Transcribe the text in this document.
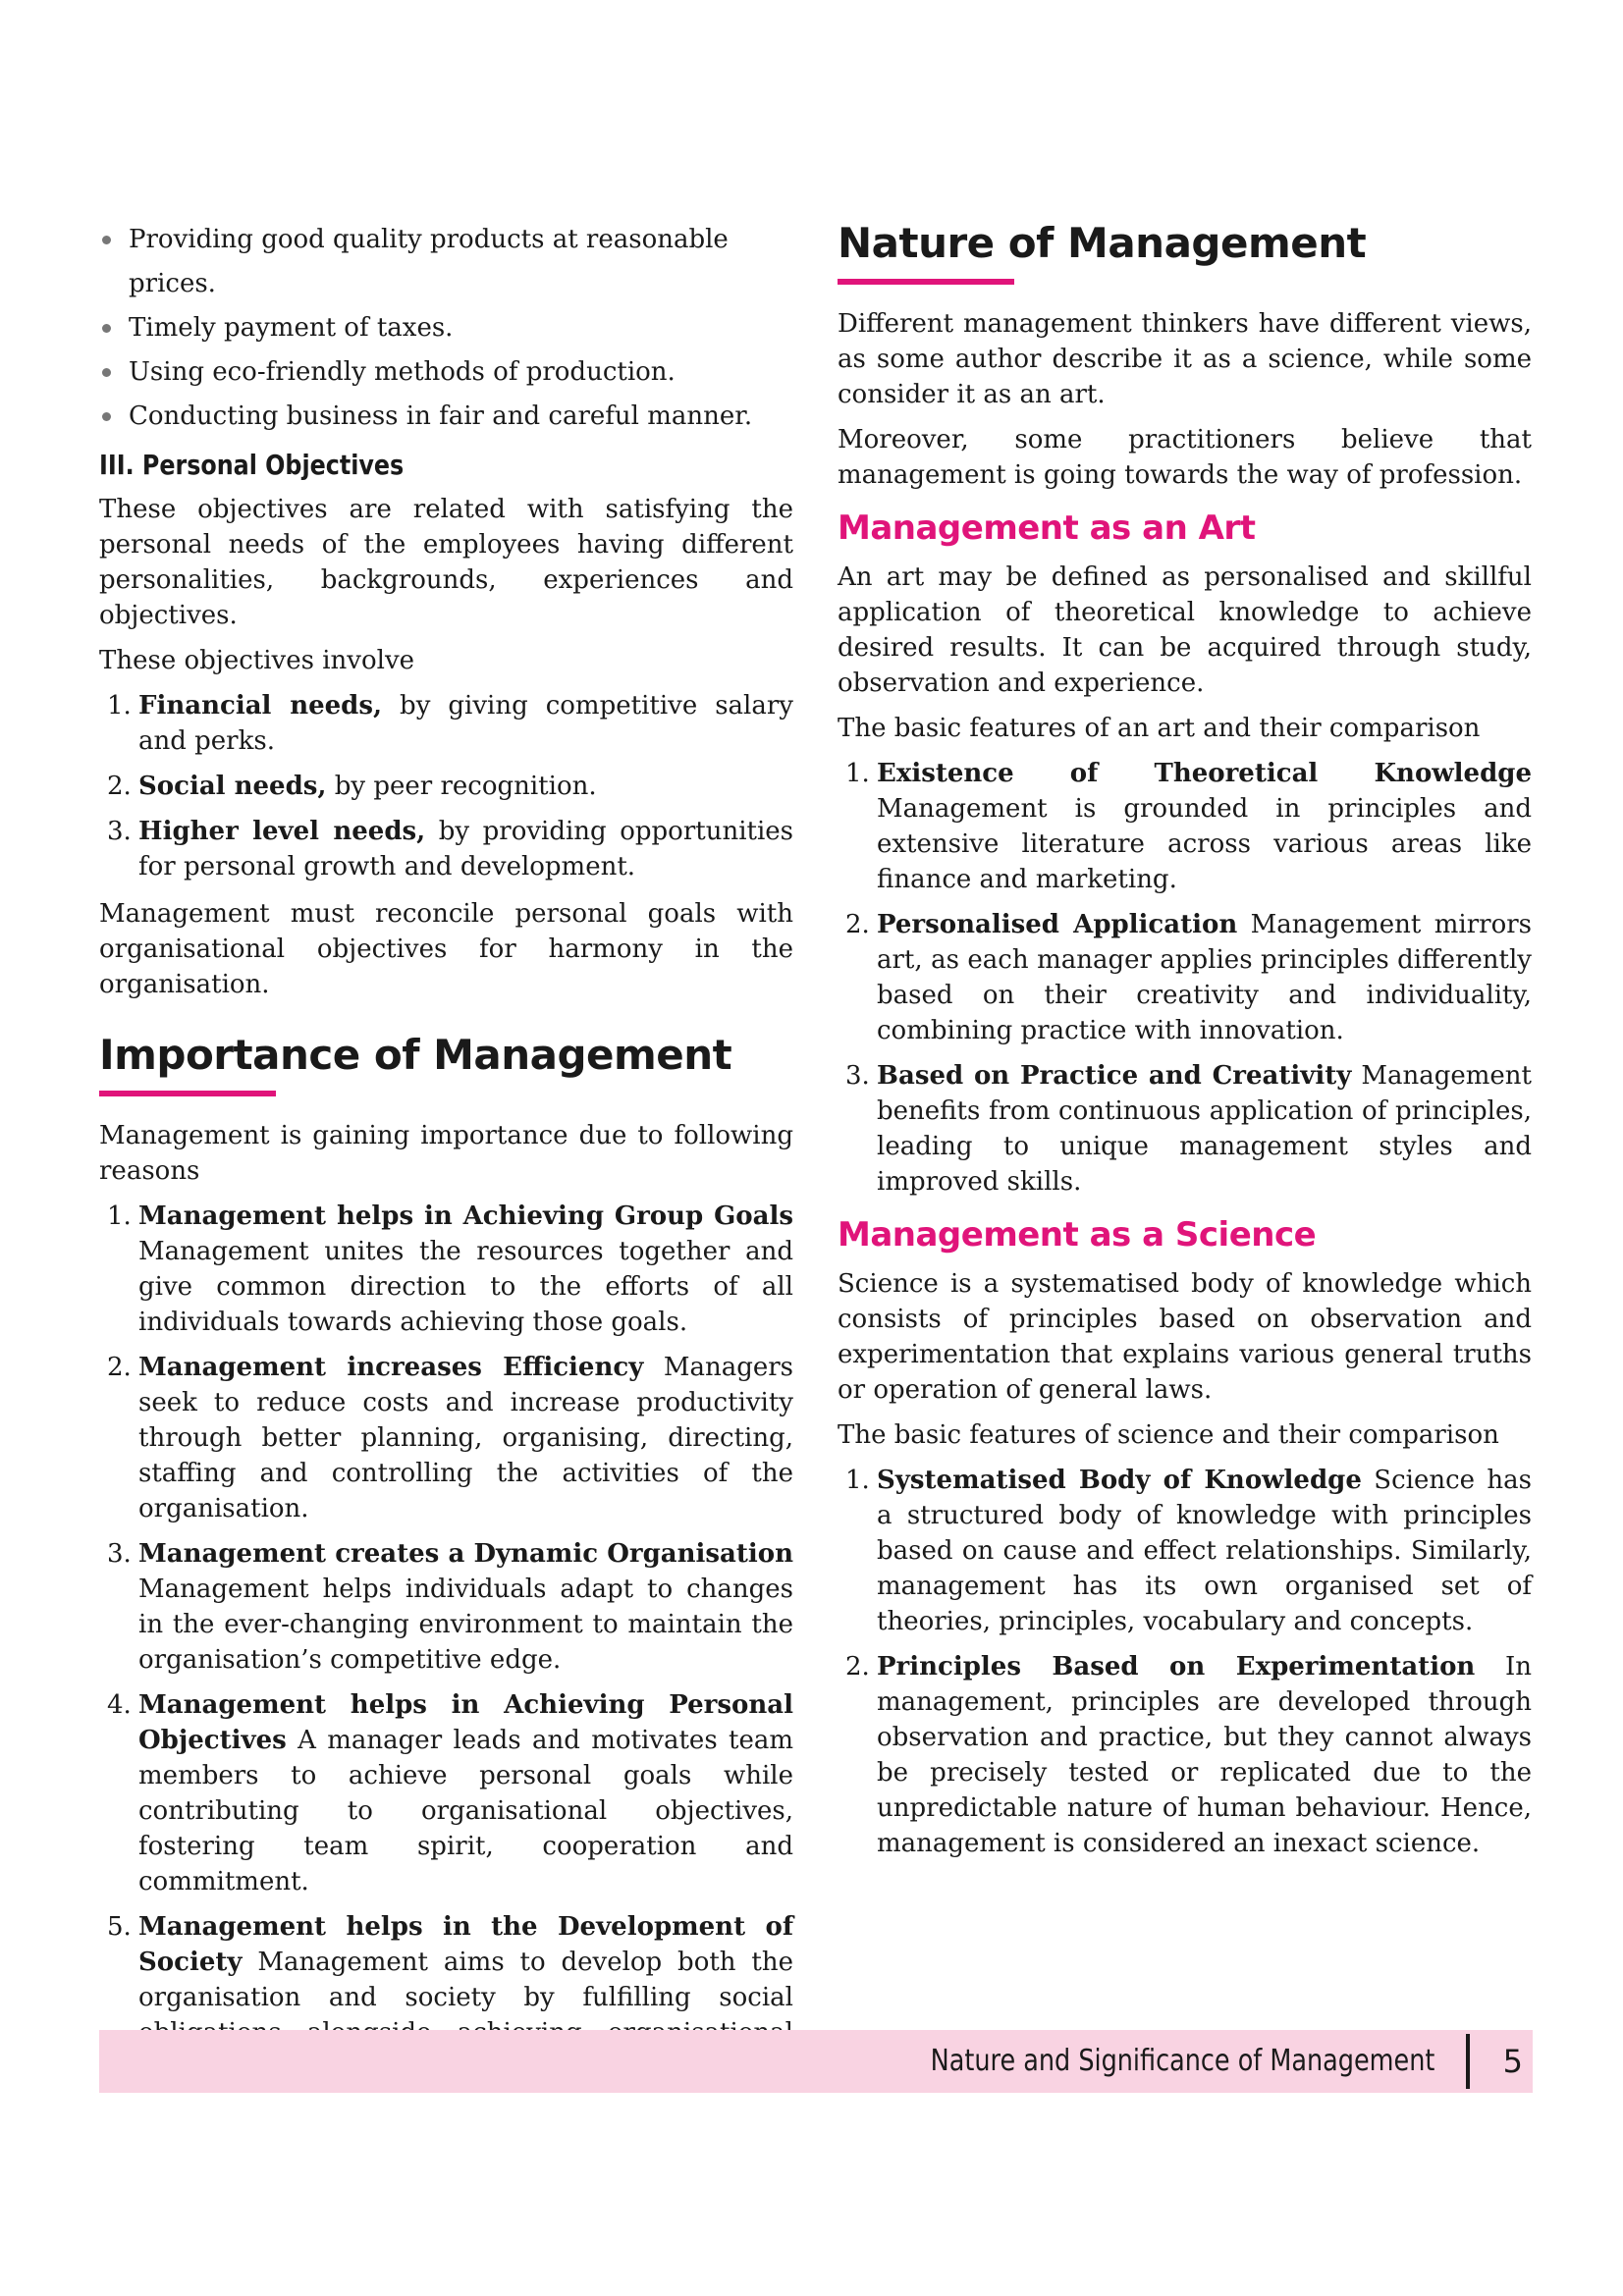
Providing good quality products at reasonable prices.
Timely payment of taxes.
Using eco-friendly methods of production.
Conducting business in fair and careful manner.
III. Personal Objectives

These objectives are related with satisfying the personal needs of the employees having different personalities, backgrounds, experiences and objectives.

These objectives involve

1. Financial needs, by giving competitive salary and perks.
2. Social needs, by peer recognition.
3. Higher level needs, by providing opportunities for personal growth and development.

Management must reconcile personal goals with organisational objectives for harmony in the organisation.

Importance of Management

Management is gaining importance due to following reasons

1. Management helps in Achieving Group Goals Management unites the resources together and give common direction to the efforts of all individuals towards achieving those goals.
2. Management increases Efficiency Managers seek to reduce costs and increase productivity through better planning, organising, directing, staffing and controlling the activities of the organisation.
3. Management creates a Dynamic Organisation Management helps individuals adapt to changes in the ever-changing environment to maintain the organisation’s competitive edge.
4. Management helps in Achieving Personal Objectives A manager leads and motivates team members to achieve personal goals while contributing to organisational objectives, fostering team spirit, cooperation and commitment.
5. Management helps in the Development of Society Management aims to develop both the organisation and society by fulfilling social
Nature of Management

Different management thinkers have different views, as some author describe it as a science, while some consider it as an art.

Moreover, some practitioners believe that management is going towards the way of profession.

Management as an Art

An art may be defined as personalised and skillful application of theoretical knowledge to achieve desired results. It can be acquired through study, observation and experience.

The basic features of an art and their comparison

1. Existence of Theoretical Knowledge Management is grounded in principles and extensive literature across various areas like finance and marketing.
2. Personalised Application Management mirrors art, as each manager applies principles differently based on their creativity and individuality, combining practice with innovation.
3. Based on Practice and Creativity Management benefits from continuous application of principles, leading to unique management styles and improved skills.
Management as a Science

Science is a systematised body of knowledge which consists of principles based on observation and experimentation that explains various general truths or operation of general laws.

The basic features of science and their comparison

1. Systematised Body of Knowledge Science has a structured body of knowledge with principles based on cause and effect relationships. Similarly, management has its own organised set of theories, principles, vocabulary and concepts.
2. Principles Based on Experimentation In management, principles are developed through observation and practice, but they cannot always be precisely tested or replicated due to the unpredictable nature of human behaviour. Hence, management is considered an inexact science.
Nature and Significance of Management 5
